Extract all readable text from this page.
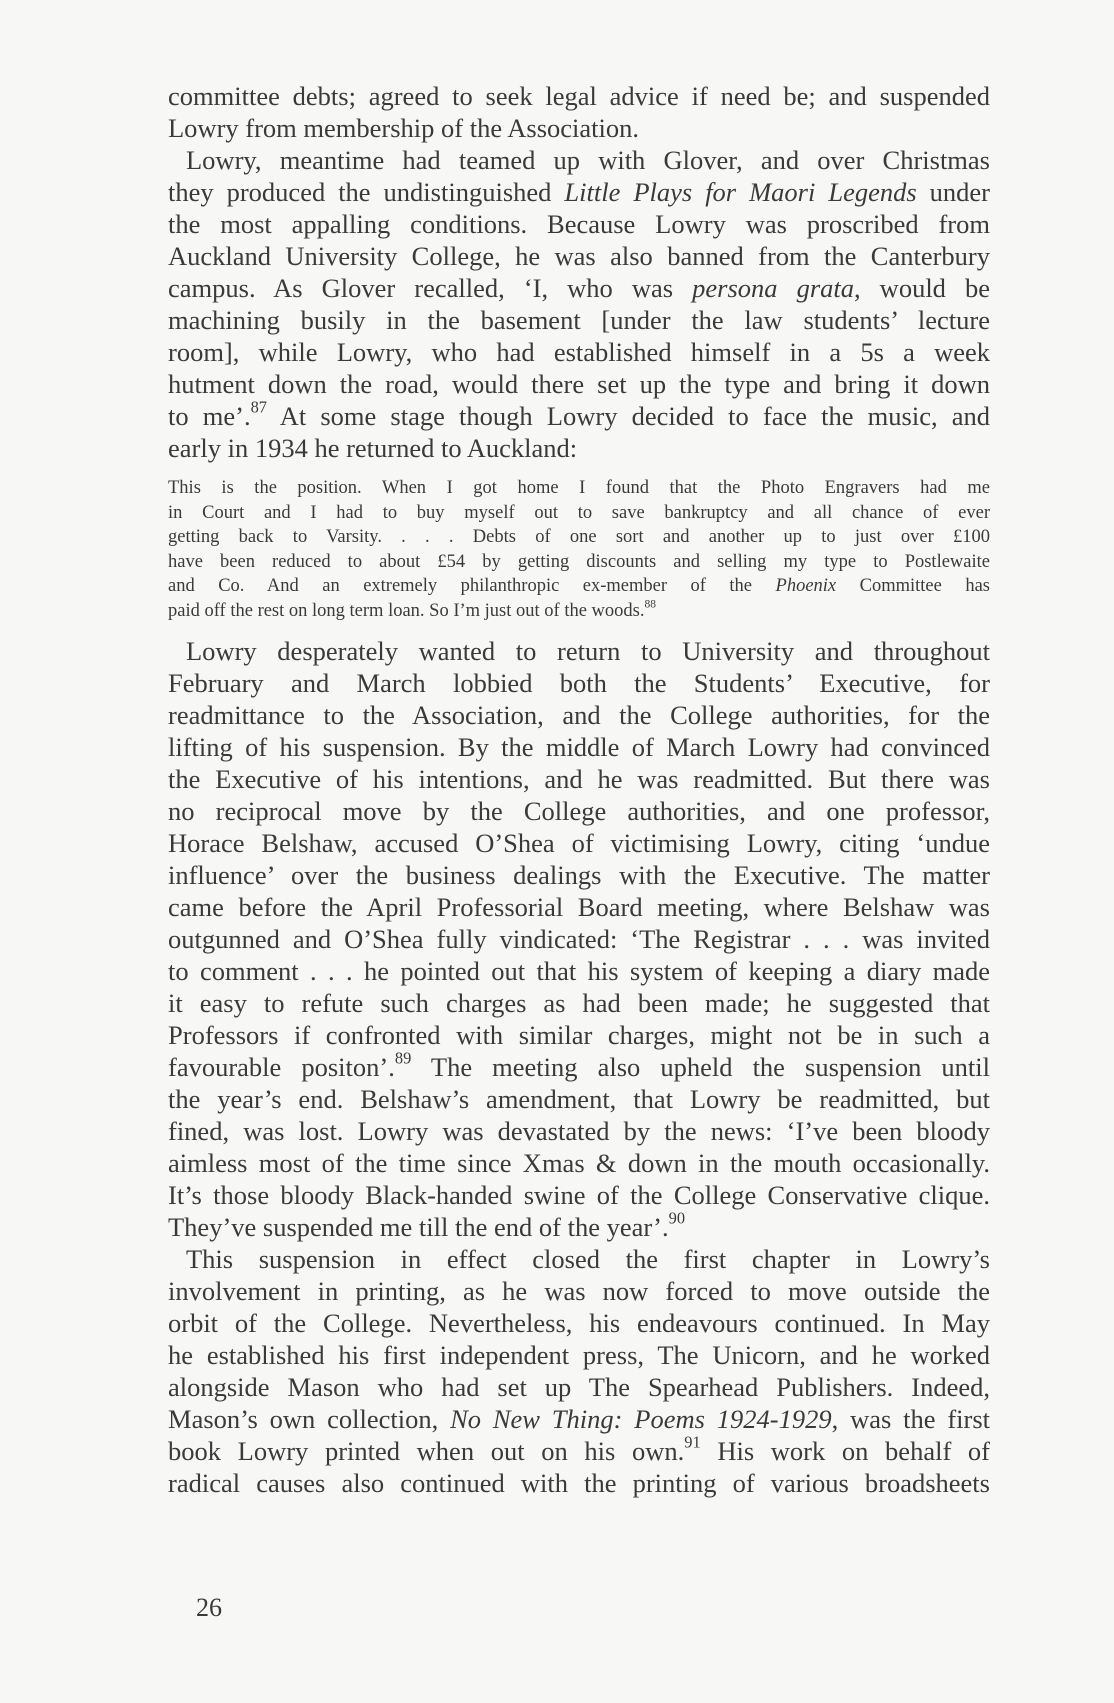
committee debts; agreed to seek legal advice if need be; and suspended
Lowry from membership of the Association.
Lowry, meantime had teamed up with Glover, and over Christmas
they produced the undistinguished Little Plays for Maori Legends under
the most appalling conditions. Because Lowry was proscribed from
Auckland University College, he was also banned from the Canterbury
campus. As Glover recalled, ‘I, who was persona grata, would be
machining busily in the basement [under the law students’ lecture
room], while Lowry, who had established himself in a 5s a week
hutment down the road, would there set up the type and bring it down
to me’.$^{87}$ At some stage though Lowry decided to face the music, and
early in 1934 he returned to Auckland:
This is the position. When I got home I found that the Photo Engravers had me
in Court and I had to buy myself out to save bankruptcy and all chance of ever
getting back to Varsity. . . . Debts of one sort and another up to just over £100
have been reduced to about £54 by getting discounts and selling my type to Postlewaite
and Co. And an extremely philanthropic ex-member of the Phoenix Committee has
paid off the rest on long term loan. So I’m just out of the woods.$^{88}$
Lowry desperately wanted to return to University and throughout
February and March lobbied both the Students’ Executive, for
readmittance to the Association, and the College authorities, for the
lifting of his suspension. By the middle of March Lowry had convinced
the Executive of his intentions, and he was readmitted. But there was
no reciprocal move by the College authorities, and one professor,
Horace Belshaw, accused O’Shea of victimising Lowry, citing ‘undue
influence’ over the business dealings with the Executive. The matter
came before the April Professorial Board meeting, where Belshaw was
outgunned and O’Shea fully vindicated: ‘The Registrar . . . was invited
to comment . . . he pointed out that his system of keeping a diary made
it easy to refute such charges as had been made; he suggested that
Professors if confronted with similar charges, might not be in such a
favourable positon’.$^{89}$ The meeting also upheld the suspension until
the year’s end. Belshaw’s amendment, that Lowry be readmitted, but
fined, was lost. Lowry was devastated by the news: ‘I’ve been bloody
aimless most of the time since Xmas & down in the mouth occasionally.
It’s those bloody Black-handed swine of the College Conservative clique.
They’ve suspended me till the end of the year’.$^{90}$
This suspension in effect closed the first chapter in Lowry’s
involvement in printing, as he was now forced to move outside the
orbit of the College. Nevertheless, his endeavours continued. In May
he established his first independent press, The Unicorn, and he worked
alongside Mason who had set up The Spearhead Publishers. Indeed,
Mason’s own collection, No New Thing: Poems 1924-1929, was the first
book Lowry printed when out on his own.$^{91}$ His work on behalf of
radical causes also continued with the printing of various broadsheets
26
